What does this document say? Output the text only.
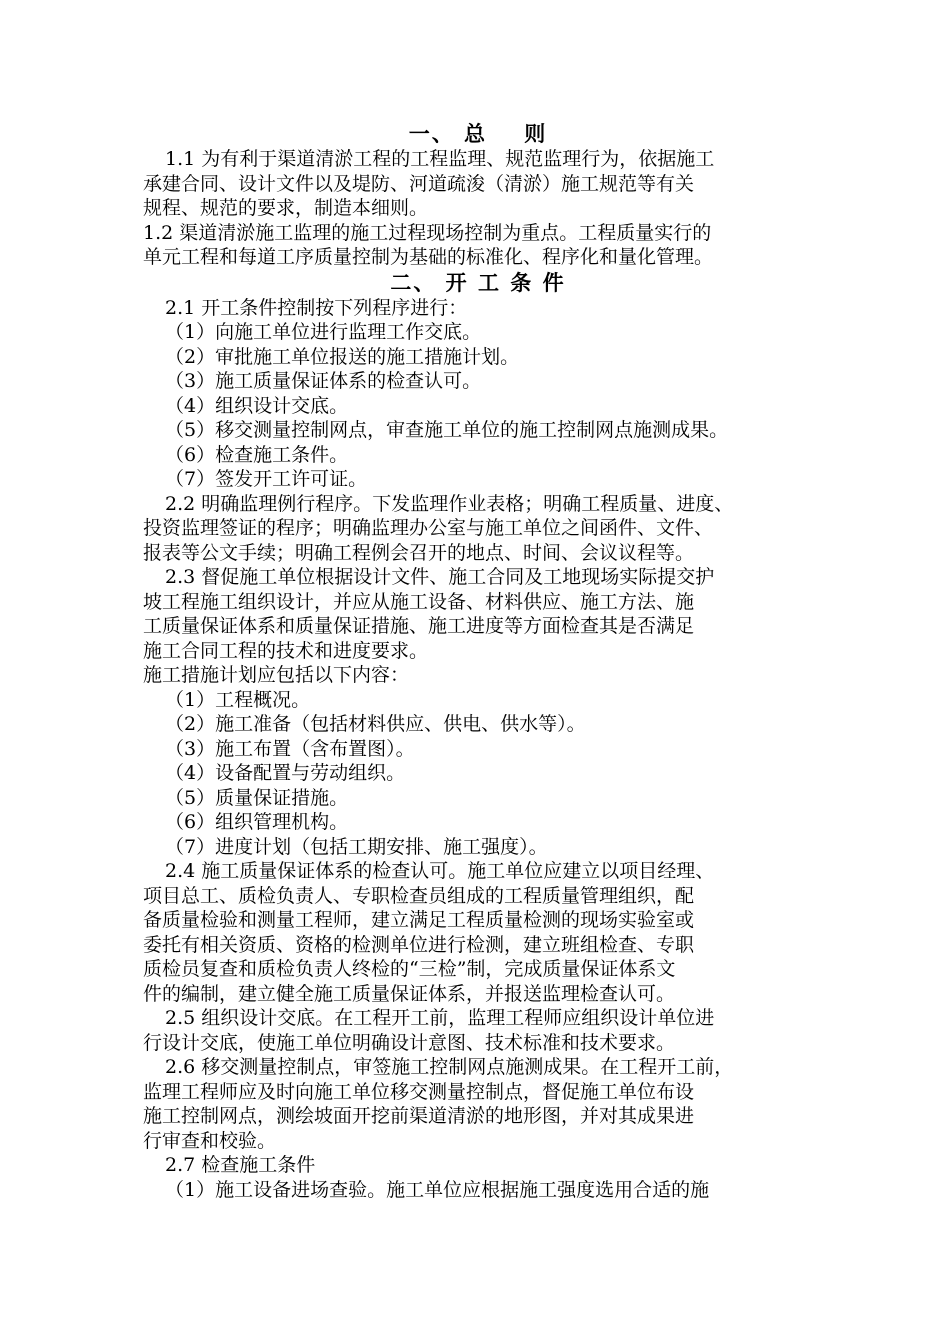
一、 总    则
1.1 为有利于渠道清淤工程的工程监理、规范监理行为，依据施工
承建合同、设计文件以及堤防、河道疏浚（清淤）施工规范等有关
规程、规范的要求，制造本细则。
1.2 渠道清淤施工监理的施工过程现场控制为重点。工程质量实行的
单元工程和每道工序质量控制为基础的标准化、程序化和量化管理。
二、 开 工 条 件
2.1 开工条件控制按下列程序进行：
（1）向施工单位进行监理工作交底。
（2）审批施工单位报送的施工措施计划。
（3）施工质量保证体系的检查认可。
（4）组织设计交底。
（5）移交测量控制网点，审查施工单位的施工控制网点施测成果。
（6）检查施工条件。
（7）签发开工许可证。
2.2 明确监理例行程序。下发监理作业表格；明确工程质量、进度、
投资监理签证的程序；明确监理办公室与施工单位之间函件、文件、
报表等公文手续；明确工程例会召开的地点、时间、会议议程等。
2.3 督促施工单位根据设计文件、施工合同及工地现场实际提交护
坡工程施工组织设计，并应从施工设备、材料供应、施工方法、施
工质量保证体系和质量保证措施、施工进度等方面检查其是否满足
施工合同工程的技术和进度要求。
施工措施计划应包括以下内容：
（1）工程概况。
（2）施工准备（包括材料供应、供电、供水等）。
（3）施工布置（含布置图）。
（4）设备配置与劳动组织。
（5）质量保证措施。
（6）组织管理机构。
（7）进度计划（包括工期安排、施工强度）。
2.4 施工质量保证体系的检查认可。施工单位应建立以项目经理、
项目总工、质检负责人、专职检查员组成的工程质量管理组织，配
备质量检验和测量工程师，建立满足工程质量检测的现场实验室或
委托有相关资质、资格的检测单位进行检测，建立班组检查、专职
质检员复查和质检负责人终检的“三检”制，完成质量保证体系文
件的编制，建立健全施工质量保证体系，并报送监理检查认可。
2.5 组织设计交底。在工程开工前，监理工程师应组织设计单位进
行设计交底，使施工单位明确设计意图、技术标准和技术要求。
2.6 移交测量控制点，审签施工控制网点施测成果。在工程开工前，
监理工程师应及时向施工单位移交测量控制点，督促施工单位布设
施工控制网点，测绘坡面开挖前渠道清淤的地形图，并对其成果进
行审查和校验。
2.7 检查施工条件
（1）施工设备进场查验。施工单位应根据施工强度选用合适的施
